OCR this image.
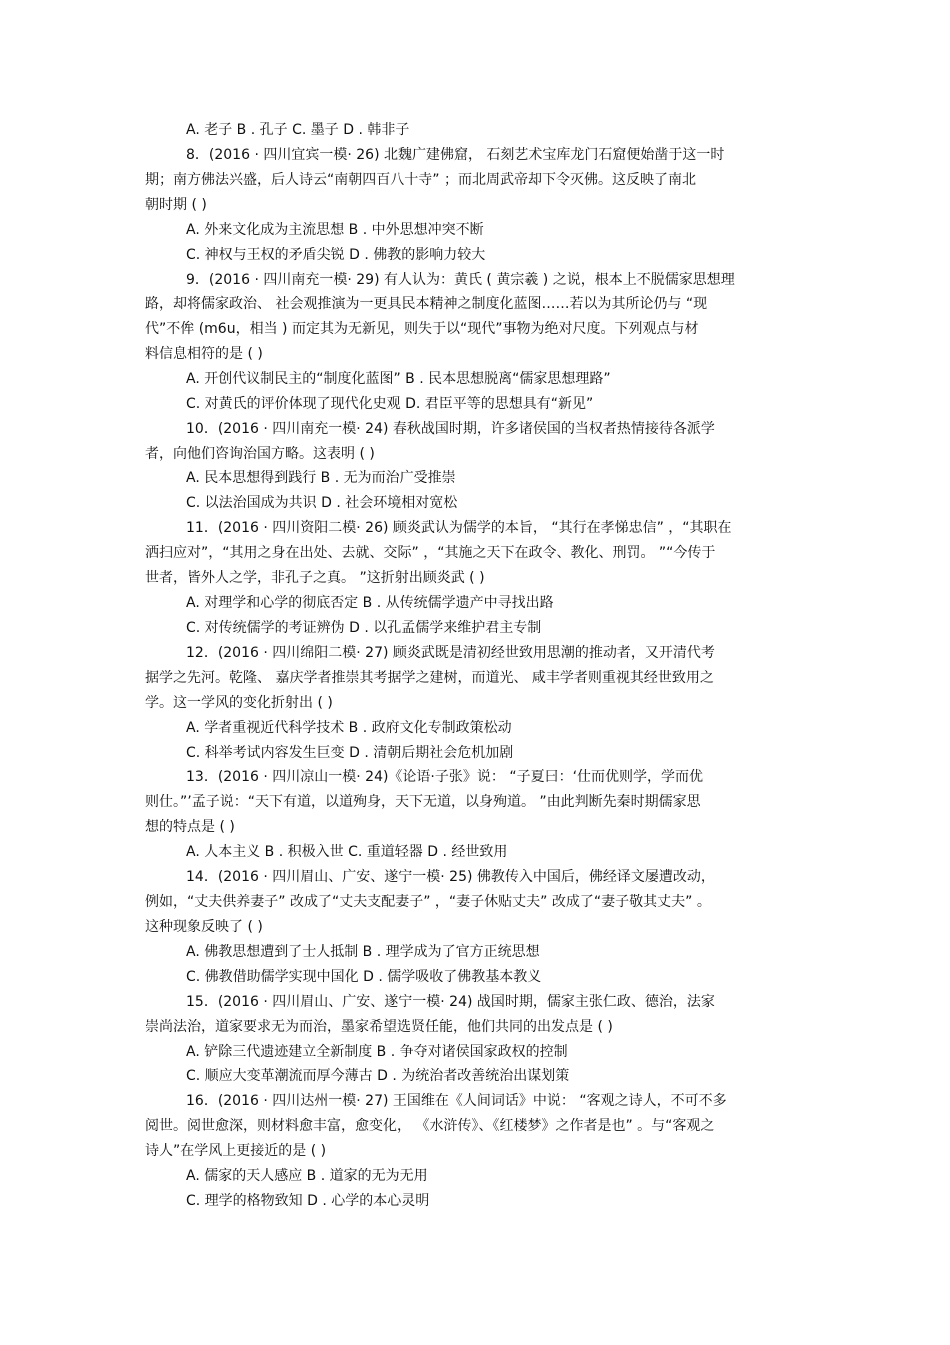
A. 老子 B . 孔子 C. 墨子 D . 韩非子
8．(2016 · 四川宜宾一模· 26) 北魏广建佛窟， 石刻艺术宝库龙门石窟便始凿于这一时
期；南方佛法兴盛，后人诗云“南朝四百八十寺” ；而北周武帝却下令灭佛。这反映了南北
朝时期 ( )
A. 外来文化成为主流思想 B . 中外思想冲突不断
C. 神权与王权的矛盾尖锐 D . 佛教的影响力较大
9．(2016 · 四川南充一模· 29) 有人认为：黄氏 ( 黄宗羲 ) 之说，根本上不脱儒家思想理
路，却将儒家政治、 社会观推演为一更具民本精神之制度化蓝图……若以为其所论仍与 “现
代”不侔 (m6u，相当 ) 而定其为无新见，则失于以“现代”事物为绝对尺度。下列观点与材
料信息相符的是 ( )
A. 开创代议制民主的“制度化蓝图” B . 民本思想脱离“儒家思想理路”
C. 对黄氏的评价体现了现代化史观 D. 君臣平等的思想具有“新见”
10．(2016 · 四川南充一模· 24) 春秋战国时期，许多诸侯国的当权者热情接待各派学
者，向他们咨询治国方略。这表明 ( )
A. 民本思想得到践行 B . 无为而治广受推崇
C. 以法治国成为共识 D . 社会环境相对宽松
11．(2016 · 四川资阳二模· 26) 顾炎武认为儒学的本旨， “其行在孝悌忠信” ，“其职在
洒扫应对”，“其用之身在出处、去就、交际” ，“其施之天下在政令、教化、刑罚。 ”“今传于
世者，皆外人之学，非孔子之真。 ”这折射出顾炎武 ( )
A. 对理学和心学的彻底否定 B . 从传统儒学遗产中寻找出路
C. 对传统儒学的考证辨伪 D . 以孔孟儒学来维护君主专制
12．(2016 · 四川绵阳二模· 27) 顾炎武既是清初经世致用思潮的推动者，又开清代考
据学之先河。乾隆、 嘉庆学者推崇其考据学之建树，而道光、 咸丰学者则重视其经世致用之
学。这一学风的变化折射出 ( )
A. 学者重视近代科学技术 B . 政府文化专制政策松动
C. 科举考试内容发生巨变 D . 清朝后期社会危机加剧
13．(2016 · 四川凉山一模· 24)《论语·子张》说： “子夏曰：‘仕而优则学，学而优
则仕。”’孟子说：“天下有道，以道殉身，天下无道，以身殉道。 ”由此判断先秦时期儒家思
想的特点是 ( )
A. 人本主义 B . 积极入世 C. 重道轻器 D . 经世致用
14．(2016 · 四川眉山、广安、遂宁一模· 25) 佛教传入中国后，佛经译文屡遭改动，
例如，“丈夫供养妻子” 改成了“丈夫支配妻子” ，“妻子休贴丈夫” 改成了“妻子敬其丈夫” 。
这种现象反映了 ( )
A. 佛教思想遭到了士人抵制 B . 理学成为了官方正统思想
C. 佛教借助儒学实现中国化 D . 儒学吸收了佛教基本教义
15．(2016 · 四川眉山、广安、遂宁一模· 24) 战国时期，儒家主张仁政、德治，法家
崇尚法治，道家要求无为而治，墨家希望选贤任能，他们共同的出发点是 ( )
A. 铲除三代遗迹建立全新制度 B . 争夺对诸侯国家政权的控制
C. 顺应大变革潮流而厚今薄古 D . 为统治者改善统治出谋划策
16．(2016 · 四川达州一模· 27) 王国维在《人间词话》中说： “客观之诗人，不可不多
阅世。阅世愈深，则材料愈丰富，愈变化， 《水浒传》、《红楼梦》之作者是也” 。与“客观之
诗人”在学风上更接近的是 ( )
A. 儒家的天人感应 B . 道家的无为无用
C. 理学的格物致知 D . 心学的本心灵明
